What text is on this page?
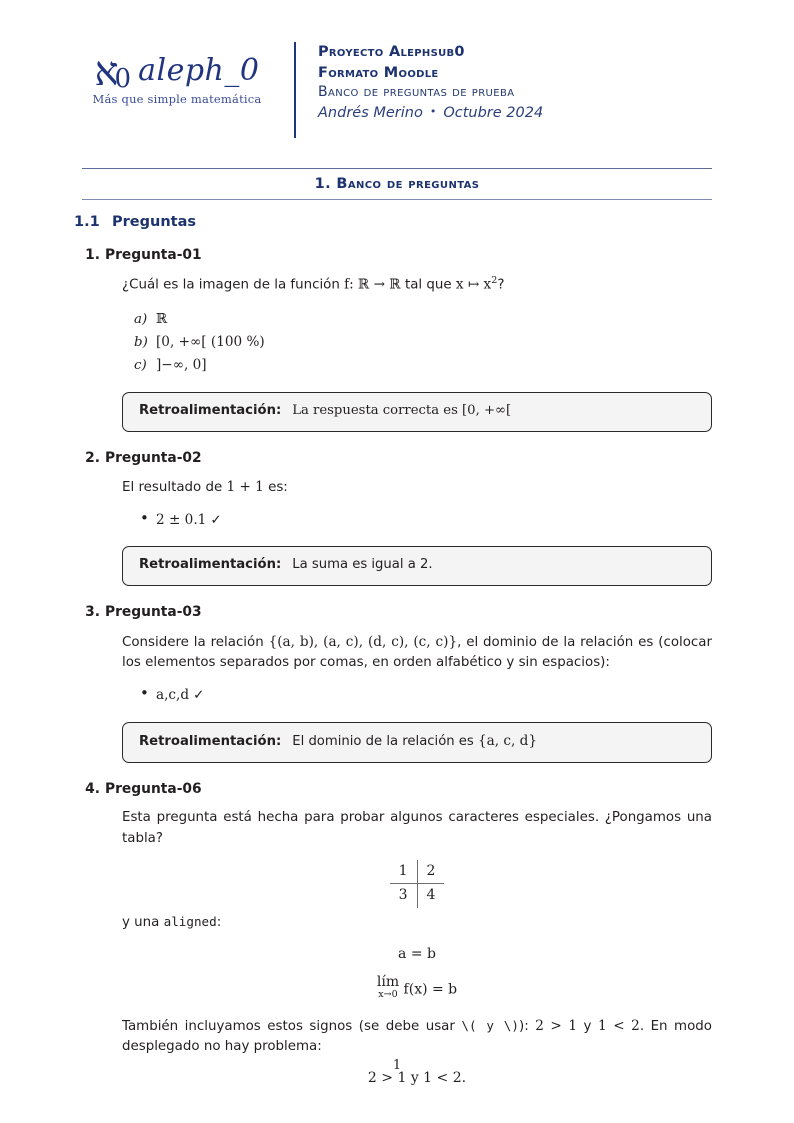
א
0 aleph_0
Más que simple matemática
Proyecto Alephsub0
Formato Moodle
Banco de preguntas de prueba
Andrés Merino • Octubre 2024
1. Banco de preguntas
1.1 Preguntas
1. Pregunta-01
¿Cuál es la imagen de la función f: ℝ → ℝ tal que x ↦ $x^2$?
a) ℝ
b) [0, +∞[ (100 %)
c) ]−∞, 0]
Retroalimentación: La respuesta correcta es [0, +∞[
2. Pregunta-02
El resultado de 1 + 1 es:
• 2 ± 0.1 ✓
Retroalimentación: La suma es igual a 2.
3. Pregunta-03
Considere la relación {(a, b), (a, c), (d, c), (c, c)}, el dominio de la relación es (colocar los elementos separados por comas, en orden alfabético y sin espacios):
• a,c,d ✓
Retroalimentación: El dominio de la relación es {a, c, d}
4. Pregunta-06
Esta pregunta está hecha para probar algunos caracteres especiales. ¿Pongamos una tabla?
1	2
3	4
y una aligned:
a = b
lím
x→0 f(x) = b
También incluyamos estos signos (se debe usar \( y \)): 2 > 1 y 1 < 2. En modo desplegado no hay problema:
2 > 1 y 1 < 2.
1
